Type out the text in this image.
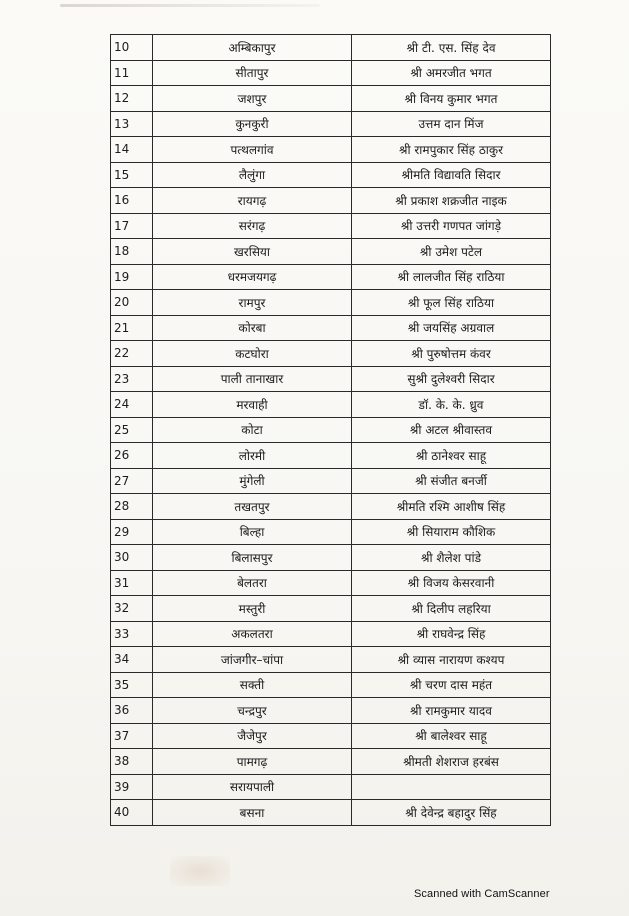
10	अम्बिकापुर	श्री टी. एस. सिंह देव
11	सीतापुर	श्री अमरजीत भगत
12	जशपुर	श्री विनय कुमार भगत
13	कुनकुरी	उत्तम दान मिंज
14	पत्थलगांव	श्री रामपुकार सिंह ठाकुर
15	लैलुंगा	श्रीमति विद्यावति सिदार
16	रायगढ़	श्री प्रकाश शक्रजीत नाइक
17	सरंगढ़	श्री उत्तरी गणपत जांगड़े
18	खरसिया	श्री उमेश पटेल
19	धरमजयगढ़	श्री लालजीत सिंह राठिया
20	रामपुर	श्री फूल सिंह राठिया
21	कोरबा	श्री जयसिंह अग्रवाल
22	कटघोरा	श्री पुरुषोत्तम कंवर
23	पाली तानाखार	सुश्री दुलेश्वरी सिदार
24	मरवाही	डॉ. के. के. ध्रुव
25	कोटा	श्री अटल श्रीवास्तव
26	लोरमी	श्री ठानेश्वर साहू
27	मुंगेली	श्री संजीत बनर्जी
28	तखतपुर	श्रीमति रश्मि आशीष सिंह
29	बिल्हा	श्री सियाराम कौशिक
30	बिलासपुर	श्री शैलेश पांडे
31	बेलतरा	श्री विजय केसरवानी
32	मस्तुरी	श्री दिलीप लहरिया
33	अकलतरा	श्री राघवेन्द्र सिंह
34	जांजगीर–चांपा	श्री व्यास नारायण कश्यप
35	सक्ती	श्री चरण दास महंत
36	चन्द्रपुर	श्री रामकुमार यादव
37	जैजेपुर	श्री बालेश्वर साहू
38	पामगढ़	श्रीमती शेशराज हरबंस
39	सरायपाली	
40	बसना	श्री देवेन्द्र बहादुर सिंह
Scanned with CamScanner
